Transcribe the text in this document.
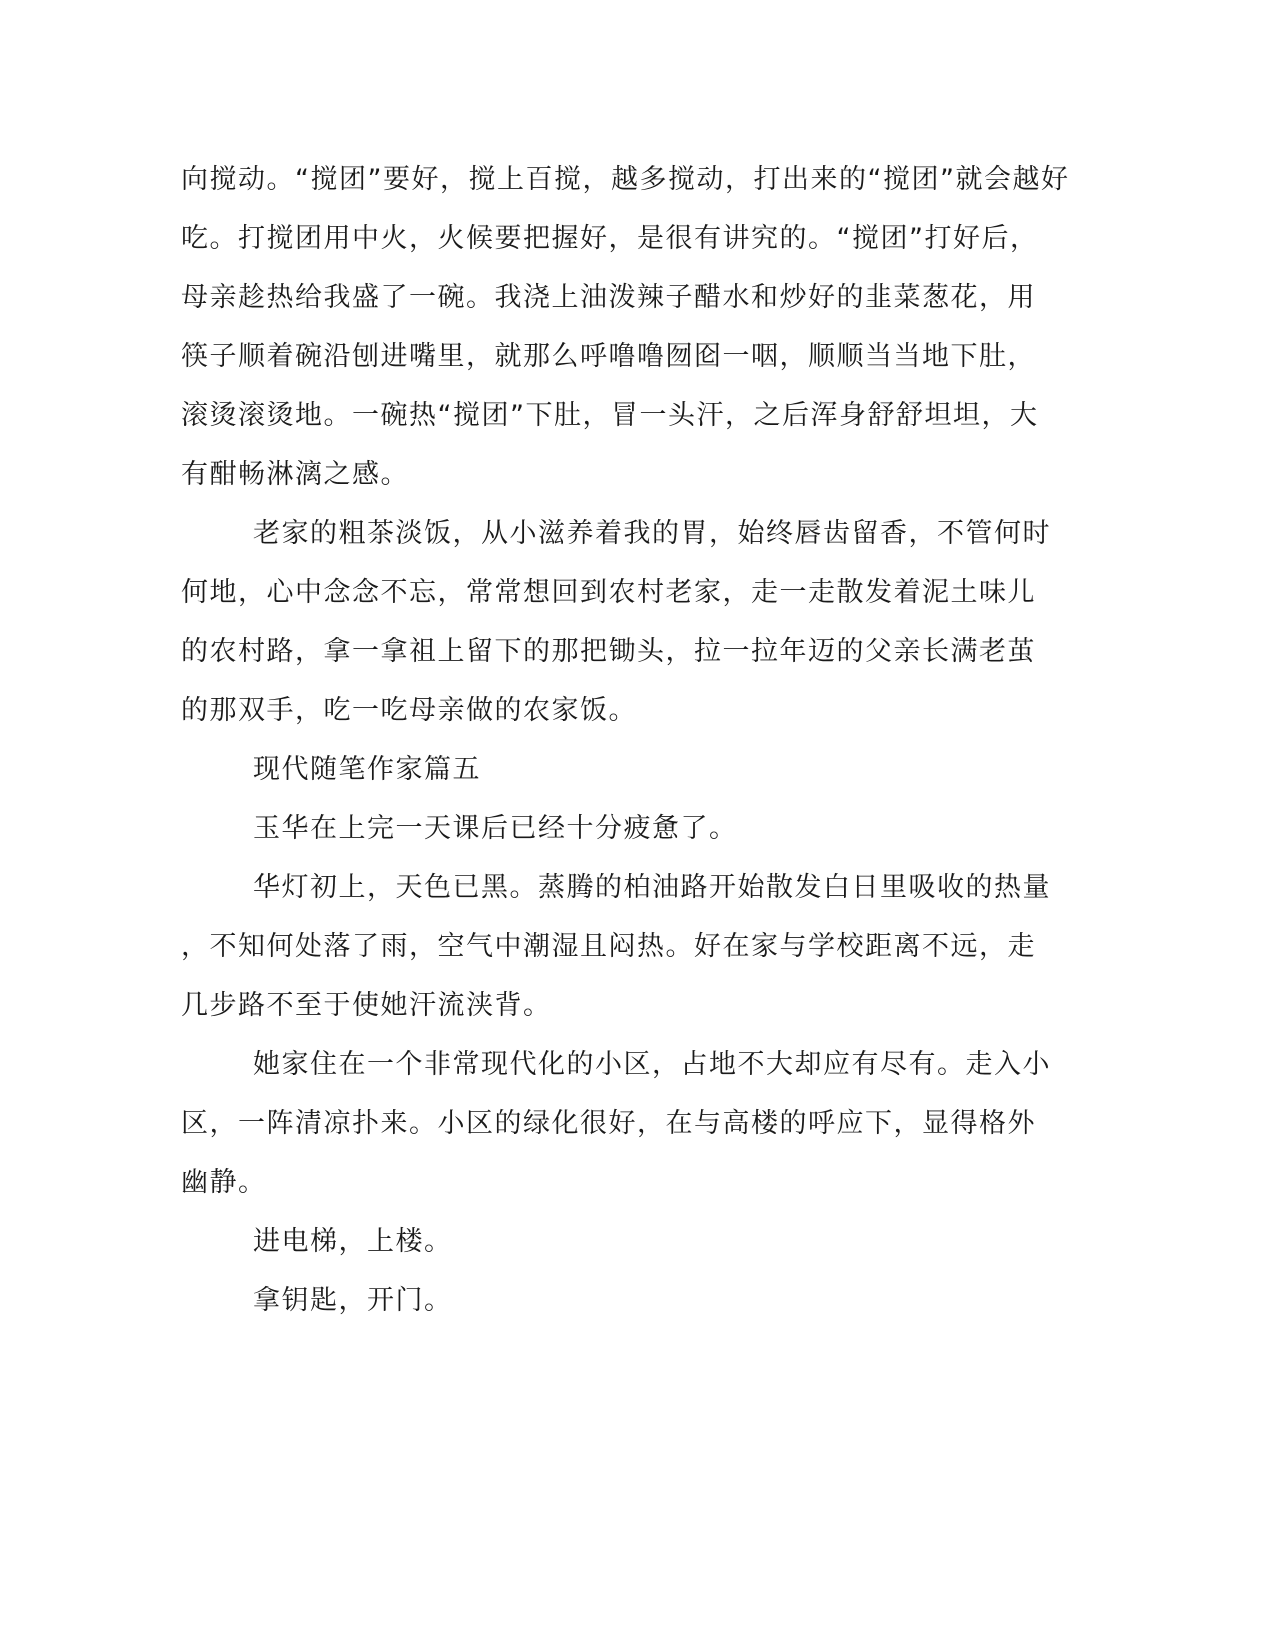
向搅动。“搅团”要好，搅上百搅，越多搅动，打出来的“搅团”就会越好
吃。打搅团用中火，火候要把握好，是很有讲究的。“搅团”打好后，
母亲趁热给我盛了一碗。我浇上油泼辣子醋水和炒好的韭菜葱花，用
筷子顺着碗沿刨进嘴里，就那么呼噜噜囫囵一咽，顺顺当当地下肚，
滚烫滚烫地。一碗热“搅团”下肚，冒一头汗，之后浑身舒舒坦坦，大
有酣畅淋漓之感。
老家的粗茶淡饭，从小滋养着我的胃，始终唇齿留香，不管何时
何地，心中念念不忘，常常想回到农村老家，走一走散发着泥土味儿
的农村路，拿一拿祖上留下的那把锄头，拉一拉年迈的父亲长满老茧
的那双手，吃一吃母亲做的农家饭。
现代随笔作家篇五
玉华在上完一天课后已经十分疲惫了。
华灯初上，天色已黑。蒸腾的柏油路开始散发白日里吸收的热量
，不知何处落了雨，空气中潮湿且闷热。好在家与学校距离不远，走
几步路不至于使她汗流浃背。
她家住在一个非常现代化的小区，占地不大却应有尽有。走入小
区，一阵清凉扑来。小区的绿化很好，在与高楼的呼应下，显得格外
幽静。
进电梯，上楼。
拿钥匙，开门。
